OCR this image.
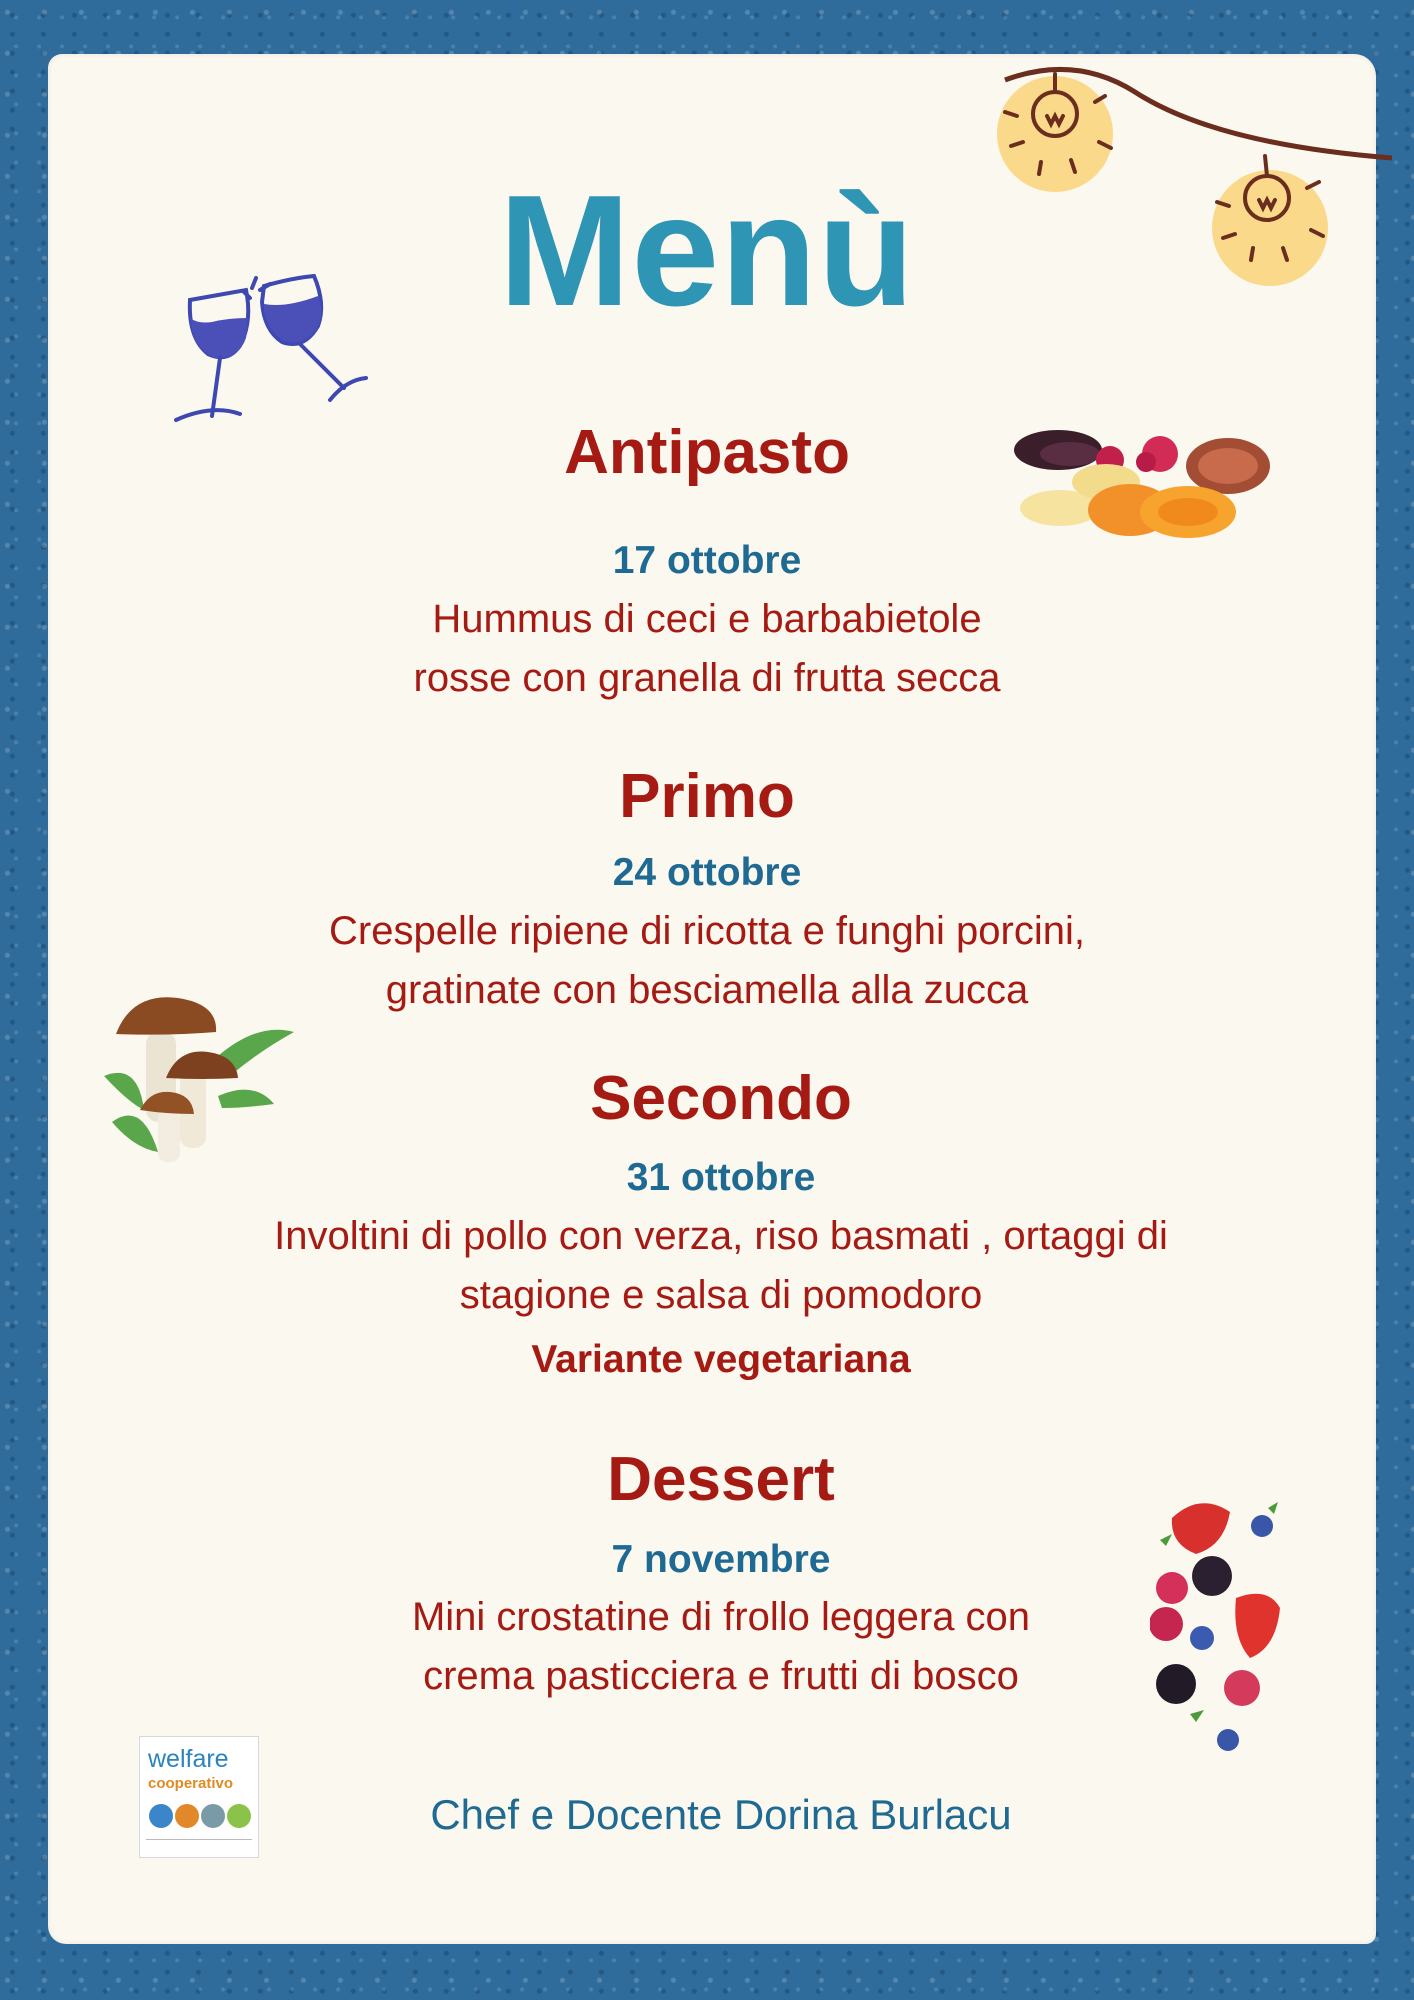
Menù
Antipasto
17 ottobre
Hummus di ceci e barbabietole
rosse con granella di frutta secca
Primo
24 ottobre
Crespelle ripiene di ricotta e funghi porcini,
gratinate con besciamella alla zucca
Secondo
31 ottobre
Involtini di pollo con verza, riso basmati , ortaggi di
stagione e salsa di pomodoro
Variante vegetariana
Dessert
7 novembre
Mini crostatine di frollo leggera con
crema pasticciera e frutti di bosco
Chef e Docente Dorina Burlacu
welfare
cooperativo
